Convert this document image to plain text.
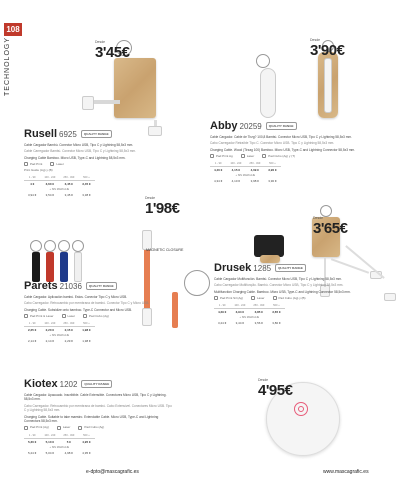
108
TECHNOLOGY	Desde
3'45€
Rusell 6925 QUALITY RANGE

Cable Cargador Bambú. Conector Micro USB, Tipo C y Lightning 58,5x3 mm.

Cable Carregador Bambú. Conector Micro USB, Tipo C y Lightning 58,5x3 mm.

Charging Cable Bamboo. Micro USB, Type-C and Lightning 58,5x3 mm.

Pad Print	Laser
Print Guide (Ag) y (B)
1 - 99	100 - 249	250 - 499	500 +
4 €	3,60 €	3,45 €	3,45 €
+ SIN MARCAJE			
3,94 €	3,54 €	3,45 €	3,38 €
Desde
3'90€
Abby 20259 QUALITY RANGE

Cable Cargador. Cable de Tirzg? 100,8 Bambú. Conector Micro USB, Tipo C y Lightning 58,5x3 mm.

Cabo Carregador Retraíble Tipo C. Conector Micro USB. Tipo C y Lightning 58,5x3 mm.

Charging Cable. Wood (Tirzag 100) Bamboo. Micro USB, Type-C and Lightning Connector 58,5x3 mm.

Pad Print Ag	Laser	Pad Cubo (Ag) y (T)
1 - 99	100 - 249	250 - 499	500 +
4,40 €	4,15 €	4,09 €	3,90 €
+ SIN MARCAJE			
4,34 €	4,10 €	3,98 €	3,90 €
Desde
1'98€
MAGNETIC CLOSURE
Parets 21036 QUALITY RANGE

Cable Cargador. Aplicación bambú. Estos. Conector Tipo C y Micro USB.

Cabo Carregador. Retrocambio por membrana de bambú. Conector Tipo C y Micro USB.

Charging Cable. Subsidize onto bamboo. Type-C Connector and Micro USB.

Pad Print & Laser	Laser	Pad Cubo (Ag)
1 - 99	100 - 249	250 - 499	500 +
2,25 €	2,20 €	2,15 €	1,98 €
+ SIN MARCAJE			
2,14 €	2,14 €	2,29 €	1,98 €
Desde
3'65€
Drusek 1285 QUALITY RANGE

Cable Cargador Multifunción. Bambú. Conector Micro USB, Tipo C y Lightning 58,5x3 mm.

Cabo Carregador Multifunção. Bambú. Conector Micro USB, Tipo C y Lightning 58,5x3 mm.

Multifunction Charging Cable. Bamboo. Micro USB, Type-C and Lightning Connector 58,5x3 mm.

Pad Print Sil (Ag)	Laser	Pad Cubo (Ag) y (B)
1 - 99	100 - 249	250 - 499	500 +
4,29 €	3,94 €	3,85 €	3,65 €
+ SIN MARCAJE			
3,24 €	3,44 €	3,56 €	3,80 €
Desde
4'95€
Kiotex 1202 QUALITY RANGE

Cable Cargador. Apacuado. Inscribible. Cable Extensible. Conectores Micro USB, Tipo C y Lightning. 58,5x3 mm.

Cabo Carregador. Retrocambio por membrana de bambú. Cabo Extensível. Conectores Micro USB. Tipo C y Lightning 58,5x3 mm.

Charging Cable. Suitable to take maestro. Extendable Cable. Micro USB, Type-C and Lightning Connectors 58,5x3 mm.

Pad Print (Ag)	Laser	Pad Cubo (Ag)
1 - 99	100 - 249	250 - 499	500 +
5,30 €	5,10 €	5 €	4,95 €
+ SIN MARCAJE			
5,24 €	5,04 €	4,98 €	4,95 €
e-dpto@mascagrafic.es	www.mascagrafic.es
